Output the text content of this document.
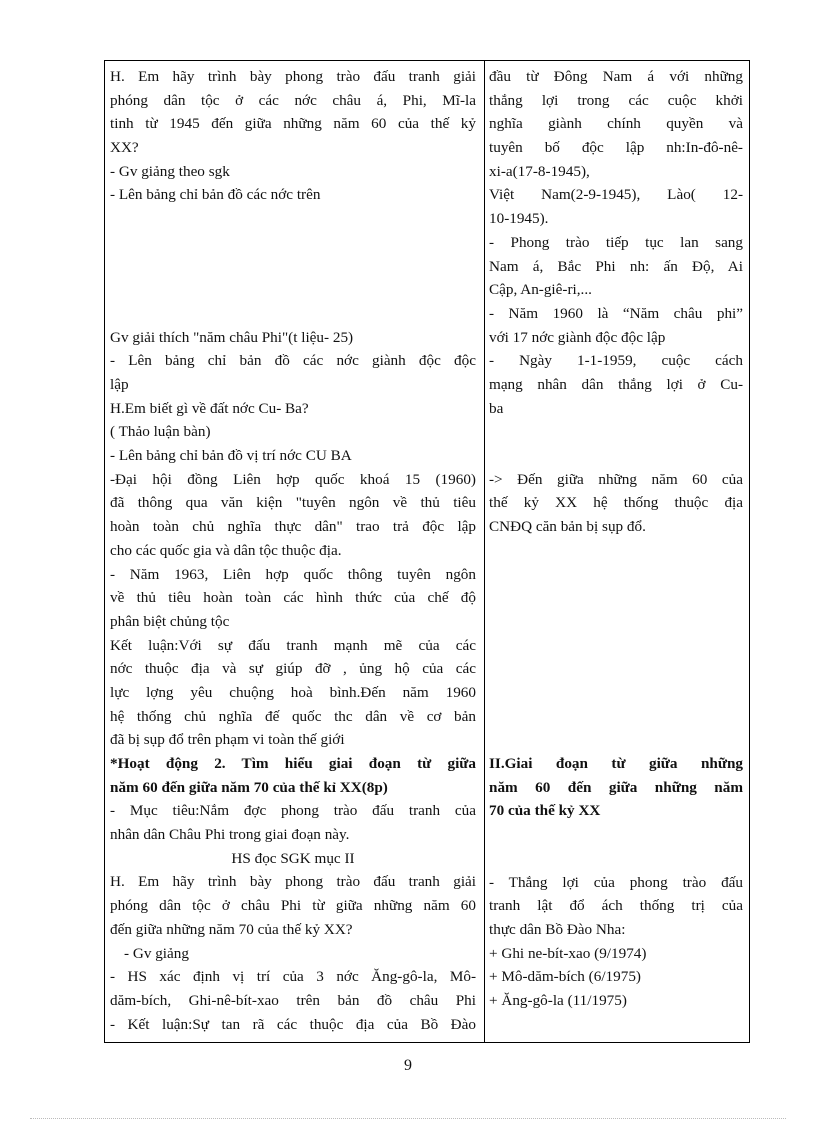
H. Em hãy trình bày phong trào đấu tranh giải
phóng dân tộc ở các nớc châu á, Phi, Mĩ-la
tinh từ 1945 đến giữa những năm 60 của thế kỷ
XX?
- Gv giảng theo sgk
- Lên bảng chỉ bản đồ các nớc trên
Gv giải thích "năm châu Phi"(t liệu- 25)
- Lên bảng chỉ bản đồ các nớc giành độc độc
lập
H.Em biết gì về đất nớc Cu- Ba?
( Thảo luận bàn)
- Lên bảng chỉ bản đồ vị trí nớc CU BA
-Đại hội đồng Liên hợp quốc khoá 15 (1960)
đã thông qua văn kiện "tuyên ngôn về thủ tiêu
hoàn toàn chủ nghĩa thực dân" trao trả độc lập
cho các quốc gia và dân tộc thuộc địa.
- Năm 1963, Liên hợp quốc thông tuyên ngôn
về thủ tiêu hoàn toàn các hình thức của chế độ
phân biệt chủng tộc
Kết luận:Với sự đấu tranh mạnh mẽ của các
nớc thuộc địa và sự giúp đỡ , ủng hộ của các
lực lợng yêu chuộng hoà bình.Đến năm 1960
hệ thống chủ nghĩa đế quốc thc dân về cơ bản
đã bị sụp đổ trên phạm vi toàn thế giới
*Hoạt động 2. Tìm hiểu giai đoạn từ giữa
năm 60 đến giữa năm 70 của thế kỉ XX(8p)
- Mục tiêu:Nắm đợc phong trào đấu tranh của
nhân dân Châu Phi trong giai đoạn này.
HS đọc SGK mục II
H. Em hãy trình bày phong trào đấu tranh giải
phóng dân tộc ở châu Phi từ giữa những năm 60
đến giữa những năm 70 của thế kỷ XX?
- Gv giảng
- HS xác định vị trí của 3 nớc Ăng-gô-la, Mô-
dăm-bích, Ghi-nê-bít-xao trên bản đồ châu Phi
- Kết luận:Sự tan rã các thuộc địa của Bồ Đào
đầu từ Đông Nam á với những
thắng lợi trong các cuộc khởi
nghĩa giành chính quyền và
tuyên bố độc lập nh:In-đô-nê-
xi-a(17-8-1945),
Việt Nam(2-9-1945), Lào( 12-
10-1945).
- Phong trào tiếp tục lan sang
Nam á, Bắc Phi nh: ấn Độ, Ai
Cập, An-giê-ri,...
- Năm 1960 là “Năm châu phi”
với 17 nớc giành độc độc lập
- Ngày 1-1-1959, cuộc cách
mạng nhân dân thắng lợi ở Cu-
ba
-> Đến giữa những năm 60 của
thế kỷ XX hệ thống thuộc địa
CNĐQ căn bản bị sụp đổ.
II.Giai đoạn từ giữa những
năm 60 đến giữa những năm
70 của thế kỷ XX
- Thắng lợi của phong trào đấu
tranh lật đổ ách thống trị của
thực dân Bồ Đào Nha:
+ Ghi ne-bít-xao (9/1974)
+ Mô-dăm-bích (6/1975)
+ Ăng-gô-la (11/1975)
9
